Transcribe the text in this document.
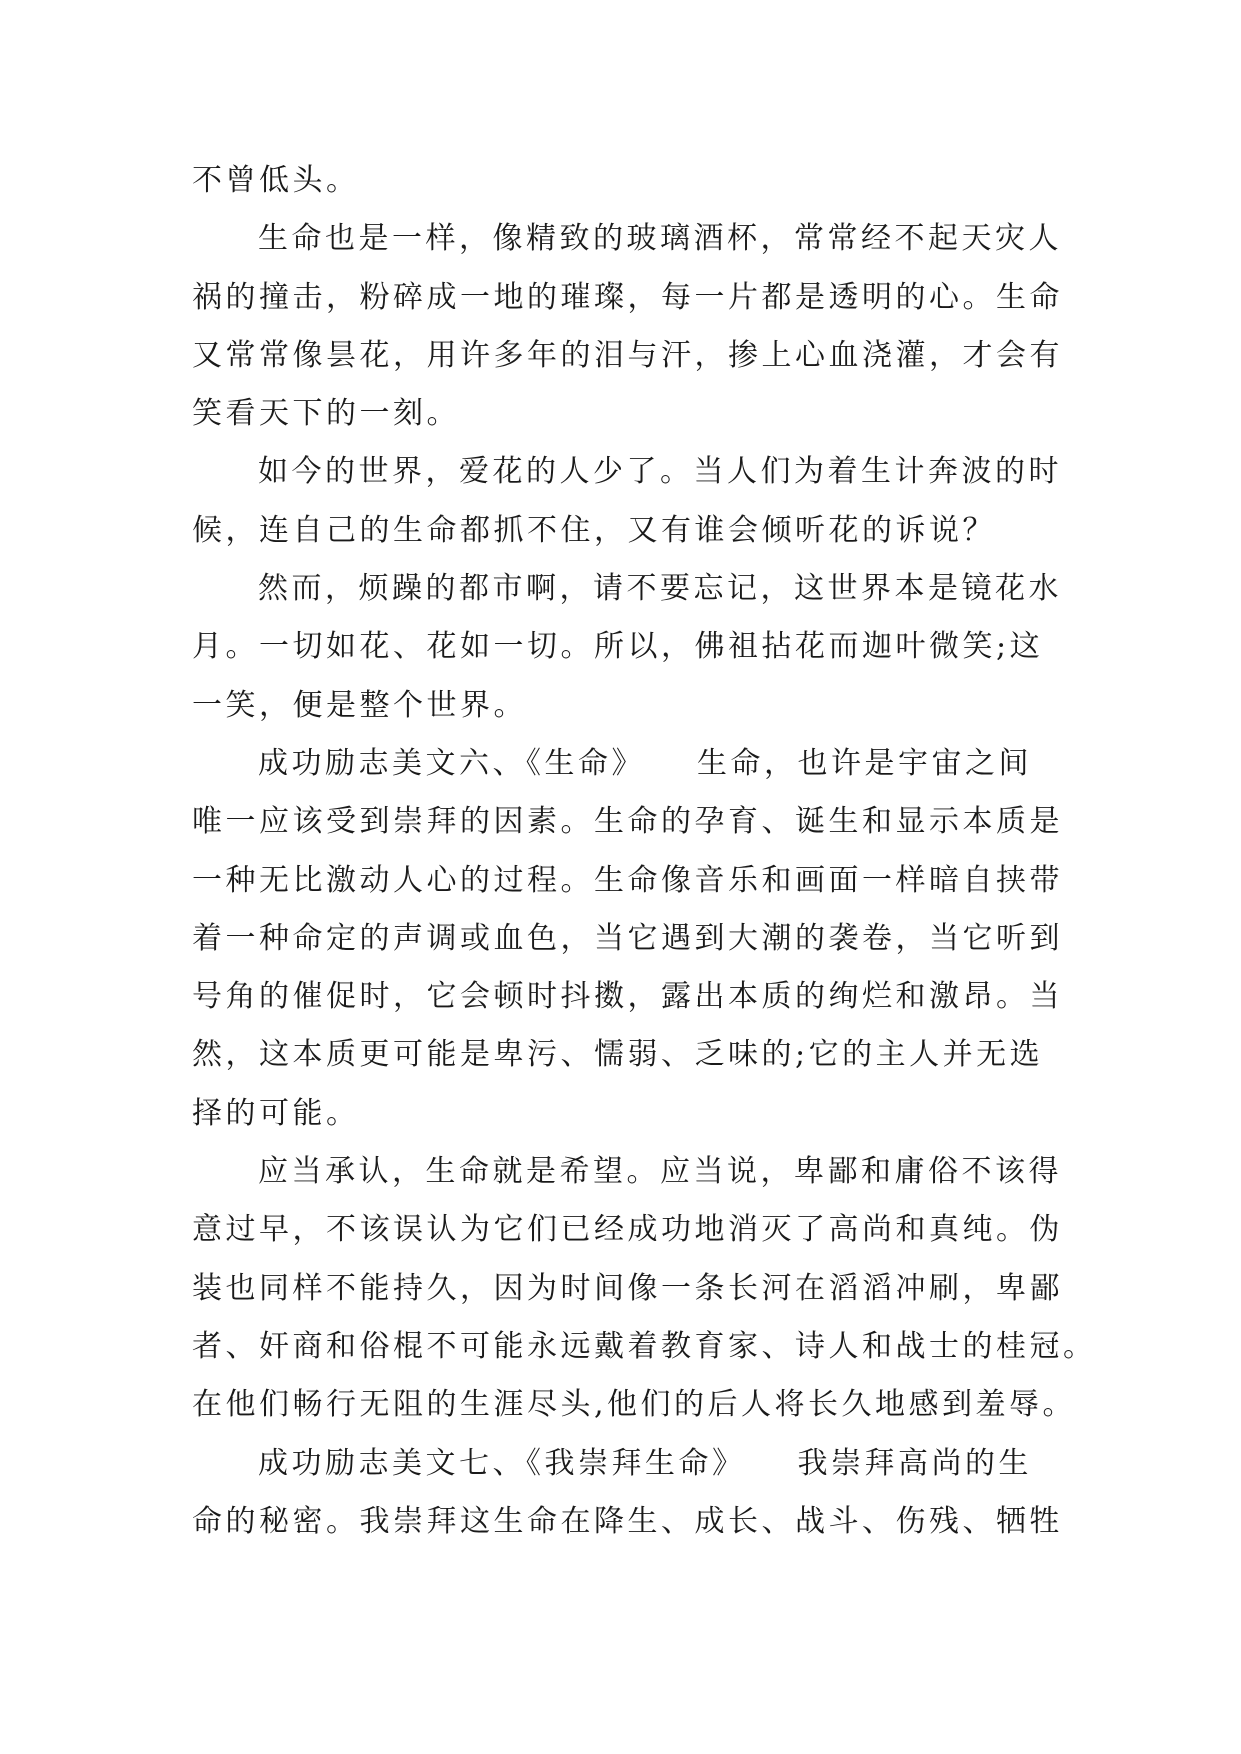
不曾低头。
生命也是一样，像精致的玻璃酒杯，常常经不起天灾人
祸的撞击，粉碎成一地的璀璨，每一片都是透明的心。生命
又常常像昙花，用许多年的泪与汗，掺上心血浇灌，才会有
笑看天下的一刻。
如今的世界，爱花的人少了。当人们为着生计奔波的时
候，连自己的生命都抓不住，又有谁会倾听花的诉说？
然而，烦躁的都市啊，请不要忘记，这世界本是镜花水
月。一切如花、花如一切。所以，佛祖拈花而迦叶微笑;这
一笑，便是整个世界。
成功励志美文六、《生命》　　生命，也许是宇宙之间
唯一应该受到崇拜的因素。生命的孕育、诞生和显示本质是
一种无比激动人心的过程。生命像音乐和画面一样暗自挟带
着一种命定的声调或血色，当它遇到大潮的袭卷，当它听到
号角的催促时，它会顿时抖擞，露出本质的绚烂和激昂。当
然，这本质更可能是卑污、懦弱、乏味的;它的主人并无选
择的可能。
应当承认，生命就是希望。应当说，卑鄙和庸俗不该得
意过早，不该误认为它们已经成功地消灭了高尚和真纯。伪
装也同样不能持久，因为时间像一条长河在滔滔冲刷，卑鄙
者、奸商和俗棍不可能永远戴着教育家、诗人和战士的桂冠。
在他们畅行无阻的生涯尽头,他们的后人将长久地感到羞辱。
成功励志美文七、《我崇拜生命》　　我崇拜高尚的生
命的秘密。我崇拜这生命在降生、成长、战斗、伤残、牺牲
